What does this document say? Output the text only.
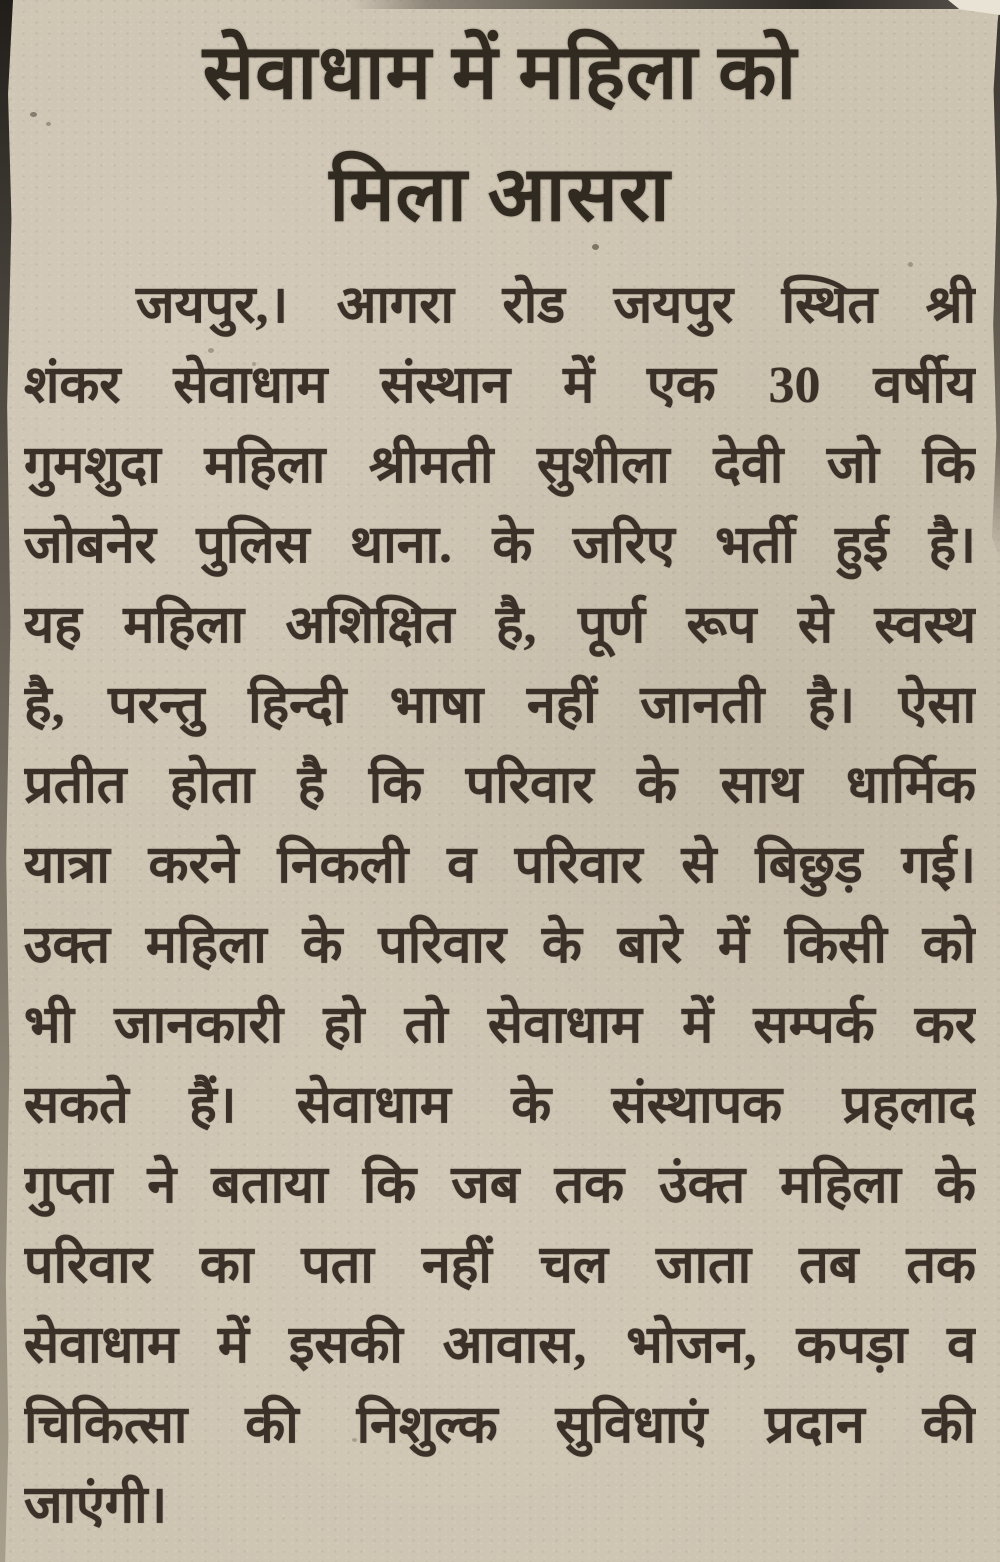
सेवाधाम में महिला को
मिला आसरा
जयपुर,। आगरा रोड जयपुर स्थित श्री
शंकर सेवाधाम संस्थान में एक 30 वर्षीय
गुमशुदा महिला श्रीमती सुशीला देवी जो कि
जोबनेर पुलिस थाना. के जरिए भर्ती हुई है।
यह महिला अशिक्षित है, पूर्ण रूप से स्वस्थ
है, परन्तु हिन्दी भाषा नहीं जानती है। ऐसा
प्रतीत होता है कि परिवार के साथ धार्मिक
यात्रा करने निकली व परिवार से बिछुड़ गई।
उक्त महिला के परिवार के बारे में किसी को
भी जानकारी हो तो सेवाधाम में सम्पर्क कर
सकते हैं। सेवाधाम के संस्थापक प्रहलाद
गुप्ता ने बताया कि जब तक उंक्त महिला के
परिवार का पता नहीं चल जाता तब तक
सेवाधाम में इसकी आवास, भोजन, कपड़ा व
चिकित्सा की निशुल्क सुविधाएं प्रदान की
जाएंगी।
